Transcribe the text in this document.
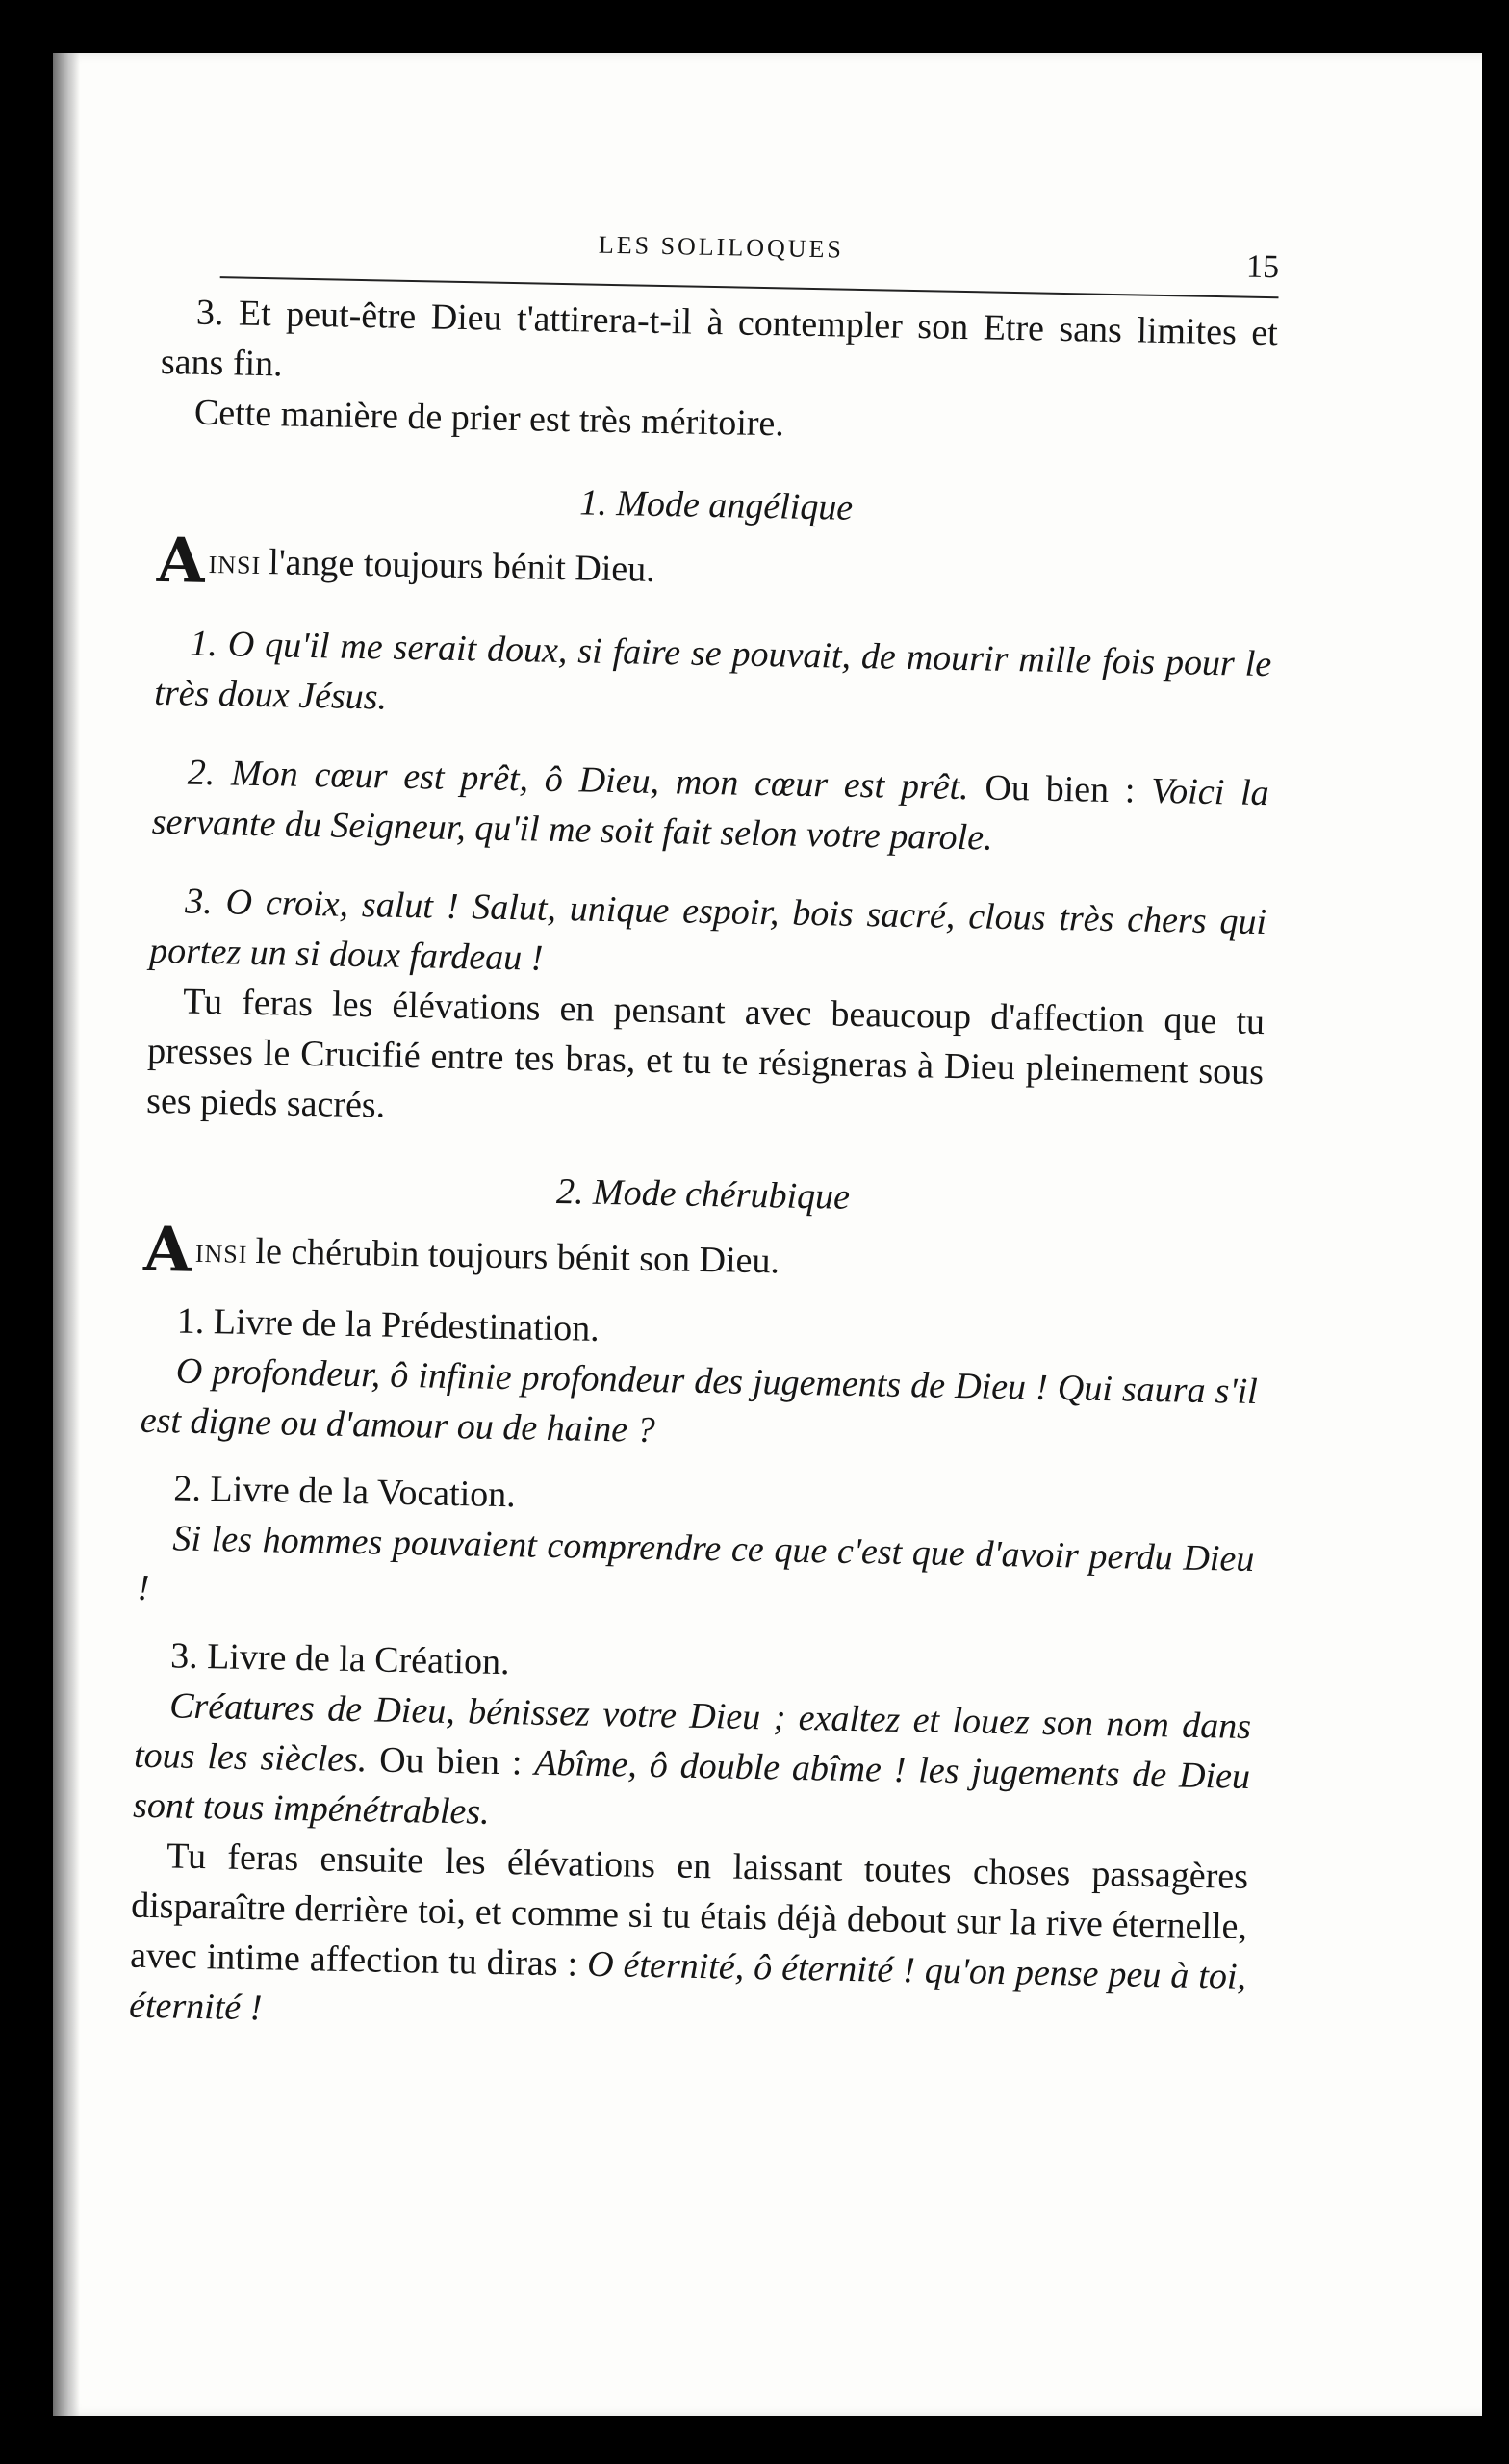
LES SOLILOQUES
15

3. Et peut-être Dieu t'attirera-t-il à contempler son Etre sans limites et sans fin.

Cette manière de prier est très méritoire.

1. Mode angélique

AINSI l'ange toujours bénit Dieu.

1. O qu'il me serait doux, si faire se pouvait, de mourir mille fois pour le très doux Jésus.

2. Mon cœur est prêt, ô Dieu, mon cœur est prêt. Ou bien : Voici la servante du Seigneur, qu'il me soit fait selon votre parole.

3. O croix, salut ! Salut, unique espoir, bois sacré, clous très chers qui portez un si doux fardeau !

Tu feras les élévations en pensant avec beaucoup d'affection que tu presses le Crucifié entre tes bras, et tu te résigneras à Dieu pleinement sous ses pieds sacrés.

2. Mode chérubique

AINSI le chérubin toujours bénit son Dieu.

1. Livre de la Prédestination.

O profondeur, ô infinie profondeur des jugements de Dieu ! Qui saura s'il est digne ou d'amour ou de haine ?

2. Livre de la Vocation.

Si les hommes pouvaient comprendre ce que c'est que d'avoir perdu Dieu !

3. Livre de la Création.

Créatures de Dieu, bénissez votre Dieu ; exaltez et louez son nom dans tous les siècles. Ou bien : Abîme, ô double abîme ! les jugements de Dieu sont tous impénétrables.

Tu feras ensuite les élévations en laissant toutes choses passagères disparaître derrière toi, et comme si tu étais déjà debout sur la rive éternelle, avec intime affection tu diras : O éternité, ô éternité ! qu'on pense peu à toi, éternité !
